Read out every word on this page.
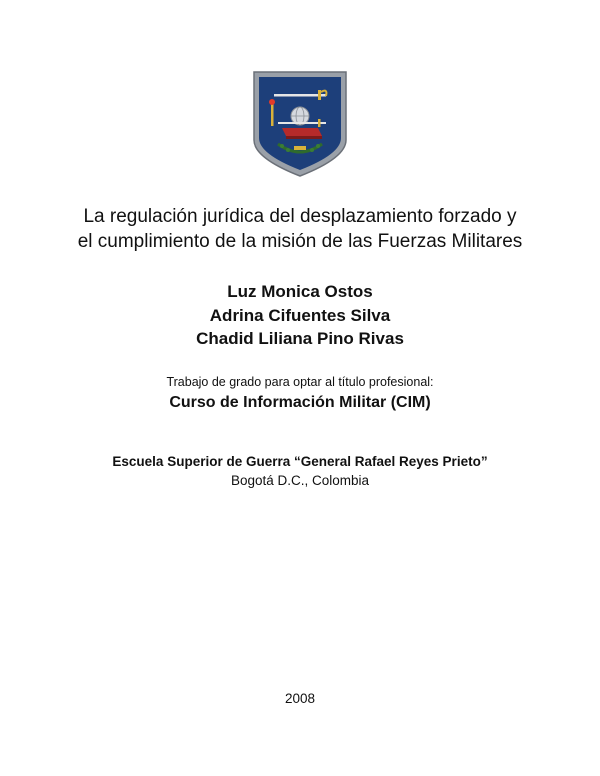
La regulación jurídica del desplazamiento forzado y
el cumplimiento de la misión de las Fuerzas Militares
Luz Monica Ostos
Adrina Cifuentes Silva
Chadid Liliana Pino Rivas
Trabajo de grado para optar al título profesional:
Curso de Información Militar (CIM)
Escuela Superior de Guerra “General Rafael Reyes Prieto”
Bogotá D.C., Colombia
2008
